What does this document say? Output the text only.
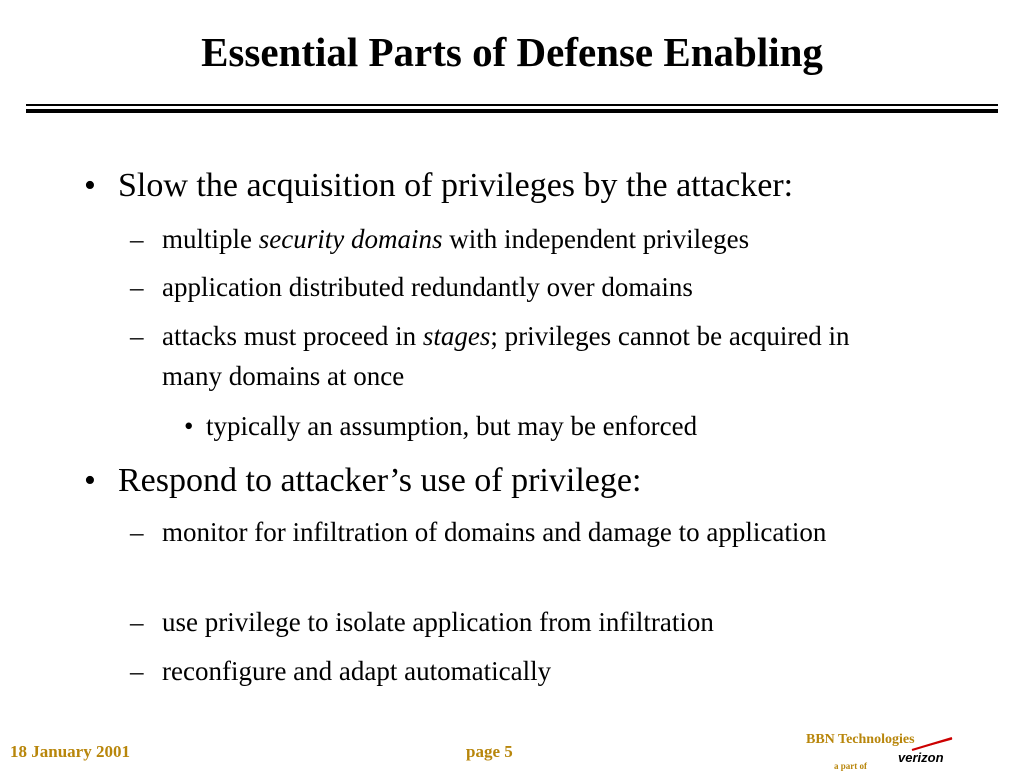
Essential Parts of Defense Enabling
• Slow the acquisition of privileges by the attacker:
– multiple security domains with independent privileges
– application distributed redundantly over domains
– attacks must proceed in stages; privileges cannot be acquired in many domains at once
• typically an assumption, but may be enforced
• Respond to attacker’s use of privilege:
– monitor for infiltration of domains and damage to application
– use privilege to isolate application from infiltration
– reconfigure and adapt automatically
18 January 2001	page 5
BBN Technologies
a part of
verizon
